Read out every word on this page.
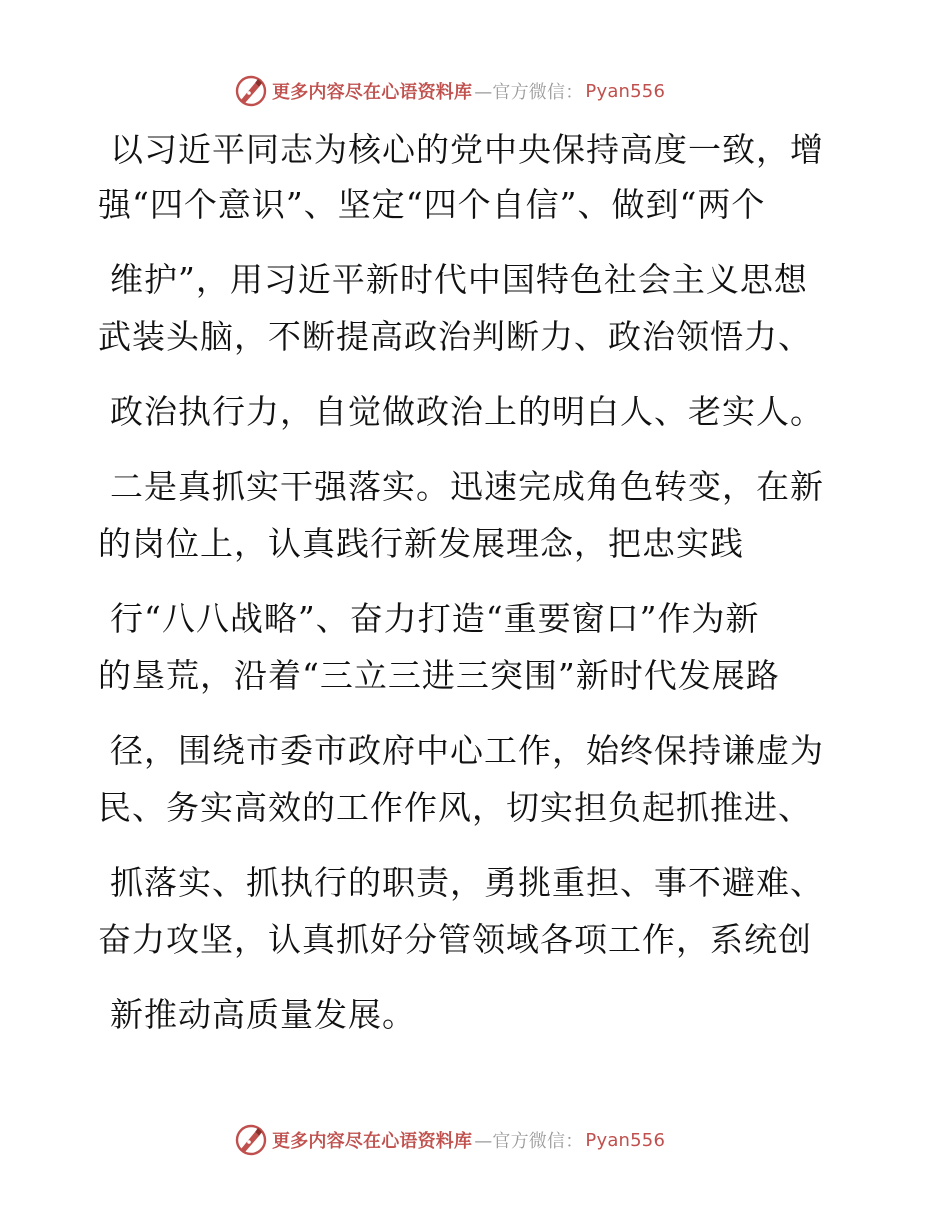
更多内容尽在心语资料库 —官方微信： Pyan556
以习近平同志为核心的党中央保持高度一致，增
强“四个意识”、坚定“四个自信”、做到“两个
维护”，用习近平新时代中国特色社会主义思想
武装头脑，不断提高政治判断力、政治领悟力、
政治执行力，自觉做政治上的明白人、老实人。
二是真抓实干强落实。迅速完成角色转变，在新
的岗位上，认真践行新发展理念，把忠实践
行“八八战略”、奋力打造“重要窗口”作为新
的垦荒，沿着“三立三进三突围”新时代发展路
径，围绕市委市政府中心工作，始终保持谦虚为
民、务实高效的工作作风，切实担负起抓推进、
抓落实、抓执行的职责，勇挑重担、事不避难、
奋力攻坚，认真抓好分管领域各项工作，系统创
新推动高质量发展。
更多内容尽在心语资料库 —官方微信： Pyan556
